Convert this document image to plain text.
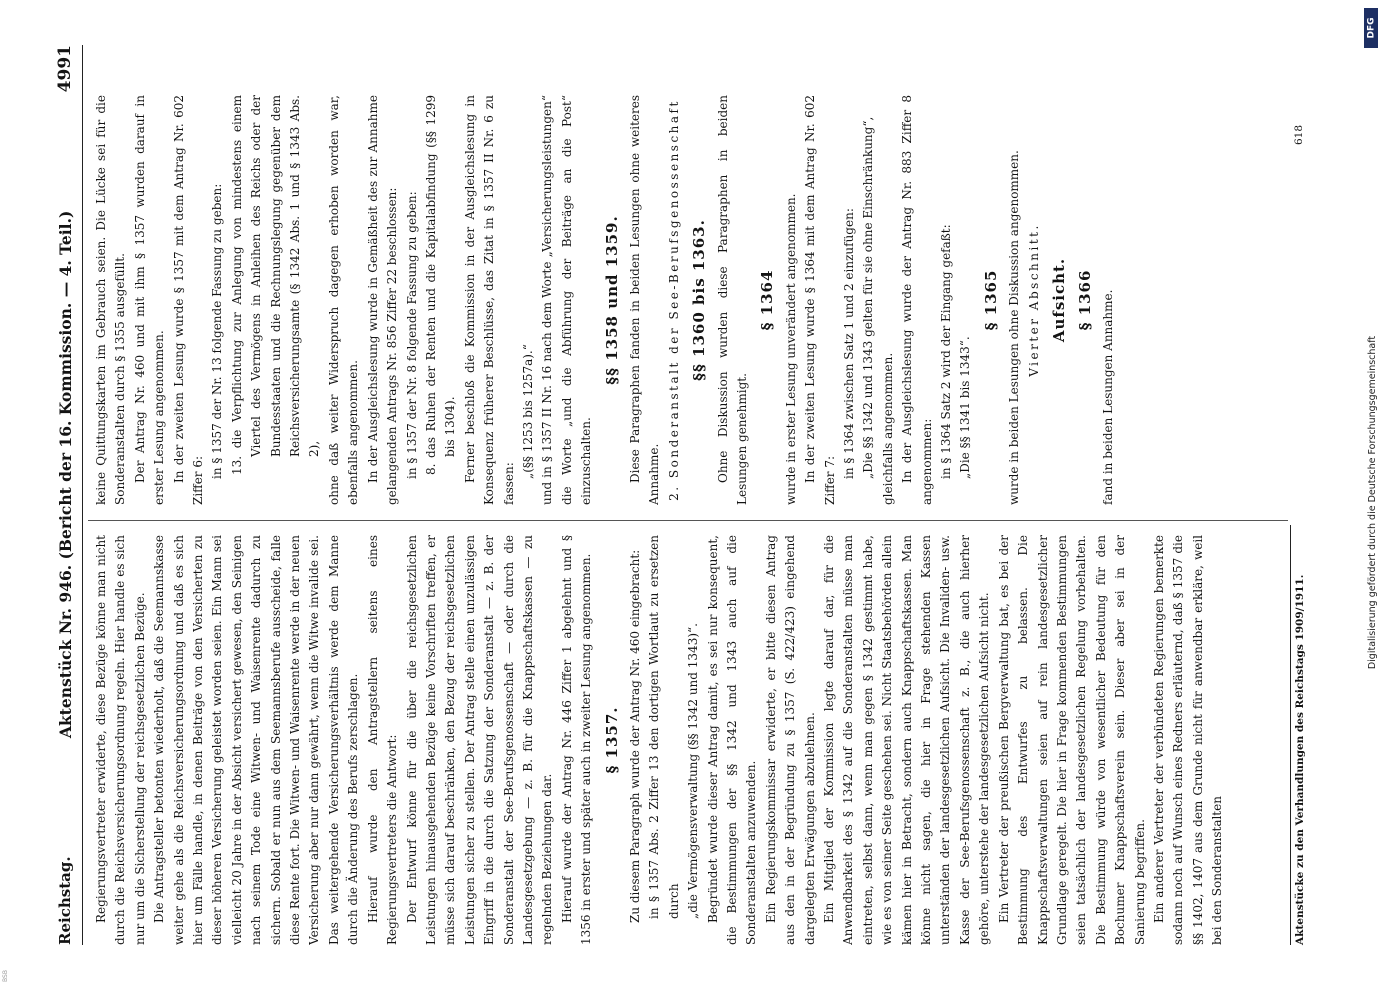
BSB
DFG
Digitalisierung gefördert durch die Deutsche Forschungsgemeinschaft
Reichstag.
Aktenstück Nr. 946. (Bericht der 16. Kommission. — 4. Teil.)
4991

Regierungsvertreter erwiderte, diese Bezüge könne man nicht durch die Reichsversicherungsordnung regeln. Hier handle es sich nur um die Sicherstellung der reichsgesetzlichen Bezüge. Die Antragsteller betonten wiederholt, daß die Seemannskasse weiter gehe als die Reichsversicherungsordnung und daß es sich hier um Fälle handle, in denen Beiträge von den Versicherten zu dieser höheren Versicherung geleistet worden seien. Ein Mann sei vielleicht 20 Jahre in der Absicht versichert gewesen, den Seinigen nach seinem Tode eine Witwen- und Waisenrente dadurch zu sichern. Sobald er nun aus dem Seemannsberufe ausscheide, falle diese Rente fort. Die Witwen- und Waisenrente werde in der neuen Versicherung aber nur dann gewährt, wenn die Witwe invalide sei. Das weitergehende Versicherungsverhältnis werde dem Manne durch die Änderung des Berufs zerschlagen. Hierauf wurde den Antragstellern seitens eines Regierungsvertreters die Antwort: Der Entwurf könne für die über die reichsgesetzlichen Leistungen hinausgehenden Bezüge keine Vorschriften treffen, er müsse sich darauf beschränken, den Bezug der reichsgesetzlichen Leistungen sicher zu stellen. Der Antrag stelle einen unzulässigen Eingriff in die durch die Satzung der Sonderanstalt — z. B. der Sonderanstalt der See-Berufsgenossenschaft — oder durch die Landesgesetzgebung — z. B. für die Knappschaftskassen — zu regelnden Beziehungen dar. Hierauf wurde der Antrag Nr. 446 Ziffer 1 abgelehnt und § 1356 in erster und später auch in zweiter Lesung angenommen. § 1357. Zu diesem Paragraph wurde der Antrag Nr. 460 eingebracht: in § 1357 Abs. 2 Ziffer 13 den dortigen Wortlaut zu ersetzen durch „die Vermögensverwaltung (§§ 1342 und 1343)“. Begründet wurde dieser Antrag damit, es sei nur konsequent, die Bestimmungen der §§ 1342 und 1343 auch auf die Sonderanstalten anzuwenden. Ein Regierungskommissar erwiderte, er bitte diesen Antrag aus den in der Begründung zu § 1357 (S. 422/423) eingehend dargelegten Erwägungen abzulehnen. Ein Mitglied der Kommission legte darauf dar, für die Anwendbarkeit des § 1342 auf die Sonderanstalten müsse man eintreten, selbst dann, wenn man gegen § 1342 gestimmt habe, wie es von seiner Seite geschehen sei. Nicht Staatsbehörden allein kämen hier in Betracht, sondern auch Knappschaftskassen. Man könne nicht sagen, die hier in Frage stehenden Kassen unterständen der landesgesetzlichen Aufsicht. Die Invaliden- usw. Kasse der See-Berufsgenossenschaft z. B., die auch hierher gehöre, unterstehe der landesgesetzlichen Aufsicht nicht. Ein Vertreter der preußischen Bergverwaltung bat, es bei der Bestimmung des Entwurfes zu belassen. Die Knappschaftsverwaltungen seien auf rein landesgesetzlicher Grundlage geregelt. Die hier in Frage kommenden Bestimmungen seien tatsächlich der landesgesetzlichen Regelung vorbehalten. Die Bestimmung würde von wesentlicher Bedeutung für den Bochumer Knappschaftsverein sein. Dieser aber sei in der Sanierung begriffen. Ein anderer Vertreter der verbündeten Regierungen bemerkte sodann noch auf Wunsch eines Redners erläuternd, daß § 1357 die §§ 1402, 1407 aus dem Grunde nicht für anwendbar erkläre, weil bei den Sonderanstalten

keine Quittungskarten im Gebrauch seien. Die Lücke sei für die Sonderanstalten durch § 1355 ausgefüllt. Der Antrag Nr. 460 und mit ihm § 1357 wurden darauf in erster Lesung angenommen. In der zweiten Lesung wurde § 1357 mit dem Antrag Nr. 602 Ziffer 6:

in § 1357 der Nr. 13 folgende Fassung zu geben: 13. die Verpflichtung zur Anlegung von mindestens einem Viertel des Vermögens in Anleihen des Reichs oder der Bundesstaaten und die Rechnungslegung gegenüber dem Reichsversicherungsamte (§ 1342 Abs. 1 und § 1343 Abs. 2), ohne daß weiter Widerspruch dagegen erhoben worden war, ebenfalls angenommen. In der Ausgleichslesung wurde in Gemäßheit des zur Annahme gelangenden Antrags Nr. 856 Ziffer 22 beschlossen: in § 1357 der Nr. 8 folgende Fassung zu geben: 8. das Ruhen der Renten und die Kapitalabfindung (§§ 1299 bis 1304). Ferner beschloß die Kommission in der Ausgleichslesung in Konsequenz früherer Beschlüsse, das Zitat in § 1357 II Nr. 6 zu fassen:

„(§§ 1253 bis 1257a).“ und in § 1357 II Nr. 16 nach dem Worte „Versicherungsleistungen“ die Worte „und die Abführung der Beiträge an die Post“ einzuschalten.

§§ 1358 und 1359. Diese Paragraphen fanden in beiden Lesungen ohne weiteres Annahme. 2. Sonderanstalt der See-Berufsgenossenschaft §§ 1360 bis 1363. Ohne Diskussion wurden diese Paragraphen in beiden Lesungen genehmigt.

§ 1364 wurde in erster Lesung unverändert angenommen. In der zweiten Lesung wurde § 1364 mit dem Antrag Nr. 602 Ziffer 7:

in § 1364 zwischen Satz 1 und 2 einzufügen: „Die §§ 1342 und 1343 gelten für sie ohne Einschränkung“, gleichfalls angenommen. In der Ausgleichslesung wurde der Antrag Nr. 883 Ziffer 8 angenommen: in § 1364 Satz 2 wird der Eingang gefaßt: „Die §§ 1341 bis 1343“.

§ 1365 wurde in beiden Lesungen ohne Diskussion angenommen. Vierter Abschnitt. Aufsicht. § 1366 fand in beiden Lesungen Annahme.

Aktenstücke zu den Verhandlungen des Reichstags 1909/1911.
618
